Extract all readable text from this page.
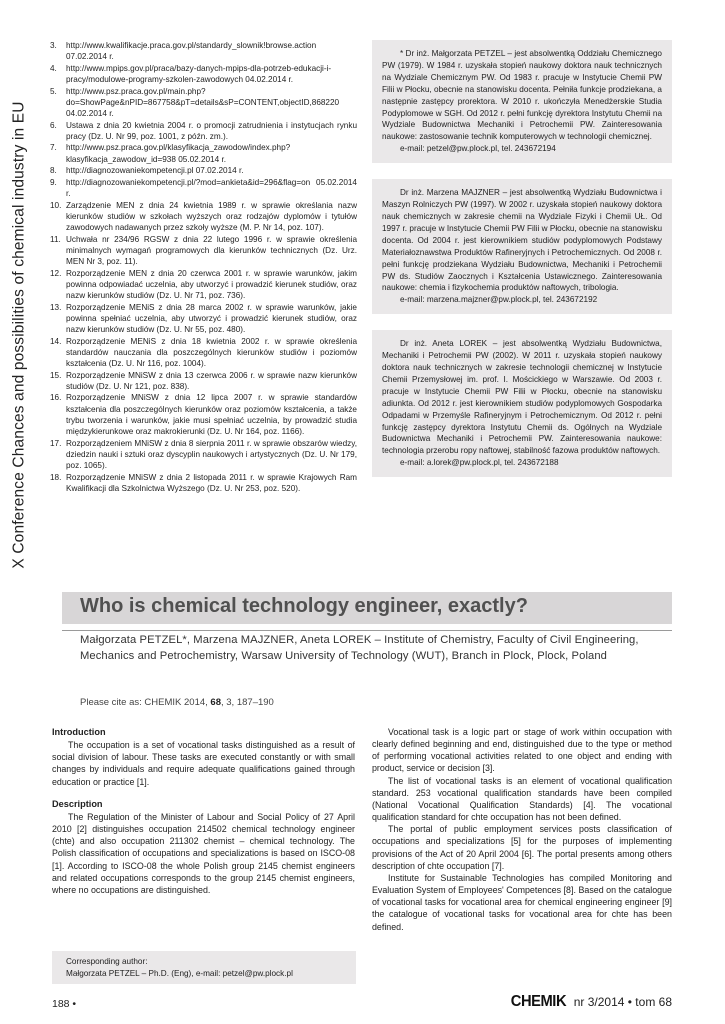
X Conference Chances and possibilities of chemical industry in EU
3.	http://www.kwalifikacje.praca.gov.pl/standardy_slownik!browse.action 07.02.2014 r.
4.	http://www.mpips.gov.pl/praca/bazy-danych-mpips-dla-potrzeb-edukacji-i-pracy/modulowe-programy-szkolen-zawodowych 04.02.2014 r.
5.	http://www.psz.praca.gov.pl/main.php?do=ShowPage&nPID=867758&pT=details&sP=CONTENT,objectID,868220 04.02.2014 r.
6.	Ustawa z dnia 20 kwietnia 2004 r. o promocji zatrudnienia i instytucjach rynku pracy (Dz. U. Nr 99, poz. 1001, z późn. zm.).
7.	http://www.psz.praca.gov.pl/klasyfikacja_zawodow/index.php?klasyfikacja_zawodow_id=938 05.02.2014 r.
8.	http://diagnozowaniekompetencji.pl 07.02.2014 r.
9.	http://diagnozowaniekompetencji.pl/?mod=ankieta&id=296&flag=on 05.02.2014 r.
10. Zarządzenie MEN z dnia 24 kwietnia 1989 r. w sprawie określania nazw kierunków studiów w szkołach wyższych oraz rodzajów dyplomów i tytułów zawodowych nadawanych przez szkoły wyższe (M. P. Nr 14, poz. 107).
11. Uchwała nr 234/96 RGSW z dnia 22 lutego 1996 r. w sprawie określenia minimalnych wymagań programowych dla kierunków technicznych (Dz. Urz. MEN Nr 3, poz. 11).
12. Rozporządzenie MEN z dnia 20 czerwca 2001 r. w sprawie warunków, jakim powinna odpowiadać uczelnia, aby utworzyć i prowadzić kierunek studiów, oraz nazw kierunków studiów (Dz. U. Nr 71, poz. 736).
13. Rozporządzenie MENiS z dnia 28 marca 2002 r. w sprawie warunków, jakie powinna spełniać uczelnia, aby utworzyć i prowadzić kierunek studiów, oraz nazw kierunków studiów (Dz. U. Nr 55, poz. 480).
14. Rozporządzenie MENiS z dnia 18 kwietnia 2002 r. w sprawie określenia standardów nauczania dla poszczególnych kierunków studiów i poziomów kształcenia (Dz. U. Nr 116, poz. 1004).
15. Rozporządzenie MNiSW z dnia 13 czerwca 2006 r. w sprawie nazw kierunków studiów (Dz. U. Nr 121, poz. 838).
16. Rozporządzenie MNiSW z dnia 12 lipca 2007 r. w sprawie standardów kształcenia dla poszczególnych kierunków oraz poziomów kształcenia, a także trybu tworzenia i warunków, jakie musi spełniać uczelnia, by prowadzić studia międzykierunkowe oraz makrokierunki (Dz. U. Nr 164, poz. 1166).
17. Rozporządzeniem MNiSW z dnia 8 sierpnia 2011 r. w sprawie obszarów wiedzy, dziedzin nauki i sztuki oraz dyscyplin naukowych i artystycznych (Dz. U. Nr 179, poz. 1065).
18. Rozporządzenie MNiSW z dnia 2 listopada 2011 r. w sprawie Krajowych Ram Kwalifikacji dla Szkolnictwa Wyższego (Dz. U. Nr 253, poz. 520).

* Dr inż. Małgorzata PETZEL – jest absolwentką Oddziału Chemicznego PW (1979). W 1984 r. uzyskała stopień naukowy doktora nauk technicznych na Wydziale Chemicznym PW. Od 1983 r. pracuje w Instytucie Chemii PW Filii w Płocku, obecnie na stanowisku docenta. Pełniła funkcje prodziekana, a następnie zastępcy prorektora. W 2010 r. ukończyła Menedżerskie Studia Podyplomowe w SGH. Od 2012 r. pełni funkcję dyrektora Instytutu Chemii na Wydziale Budownictwa Mechaniki i Petrochemii PW. Zainteresowania naukowe: zastosowanie technik komputerowych w technologii chemicznej.

e-mail: petzel@pw.plock.pl, tel. 243672194

Dr inż. Marzena MAJZNER – jest absolwentką Wydziału Budownictwa i Maszyn Rolniczych PW (1997). W 2002 r. uzyskała stopień naukowy doktora nauk chemicznych w zakresie chemii na Wydziale Fizyki i Chemii UŁ. Od 1997 r. pracuje w Instytucie Chemii PW Filii w Płocku, obecnie na stanowisku docenta. Od 2004 r. jest kierownikiem studiów podyplomowych Podstawy Materiałoznawstwa Produktów Rafineryjnych i Petrochemicznych. Od 2008 r. pełni funkcję prodziekana Wydziału Budownictwa, Mechaniki i Petrochemii PW ds. Studiów Zaocznych i Kształcenia Ustawicznego. Zainteresowania naukowe: chemia i fizykochemia produktów naftowych, tribologia.

e-mail: marzena.majzner@pw.plock.pl, tel. 243672192

Dr inż. Aneta LOREK – jest absolwentką Wydziału Budownictwa, Mechaniki i Petrochemii PW (2002). W 2011 r. uzyskała stopień naukowy doktora nauk technicznych w zakresie technologii chemicznej w Instytucie Chemii Przemysłowej im. prof. I. Mościckiego w Warszawie. Od 2003 r. pracuje w Instytucie Chemii PW Filii w Płocku, obecnie na stanowisku adiunkta. Od 2012 r. jest kierownikiem studiów podyplomowych Gospodarka Odpadami w Przemyśle Rafineryjnym i Petrochemicznym. Od 2012 r. pełni funkcję zastępcy dyrektora Instytutu Chemii ds. Ogólnych na Wydziale Budownictwa Mechaniki i Petrochemii PW. Zainteresowania naukowe: technologia przerobu ropy naftowej, stabilność fazowa produktów naftowych.

e-mail: a.lorek@pw.plock.pl, tel. 243672188
Who is chemical technology engineer, exactly?
Małgorzata PETZEL*, Marzena MAJZNER, Aneta LOREK – Institute of Chemistry, Faculty of Civil Engineering, Mechanics and Petrochemistry, Warsaw University of Technology (WUT), Branch in Plock, Plock, Poland
Please cite as: CHEMIK 2014, 68, 3, 187–190
Introduction

The occupation is a set of vocational tasks distinguished as a result of social division of labour. These tasks are executed constantly or with small changes by individuals and require adequate qualifications gained through education or practice [1].

Description

The Regulation of the Minister of Labour and Social Policy of 27 April 2010 [2] distinguishes occupation 214502 chemical technology engineer (chte) and also occupation 211302 chemist – chemical technology. The Polish classification of occupations and specializations is based on ISCO-08 [1]. According to ISCO-08 the whole Polish group 2145 chemist engineers and related occupations corresponds to the group 2145 chemist engineers, where no occupations are distinguished.

Vocational task is a logic part or stage of work within occupation with clearly defined beginning and end, distinguished due to the type or method of performing vocational activities related to one object and ending with product, service or decision [3].

The list of vocational tasks is an element of vocational qualification standard. 253 vocational qualification standards have been compiled (National Vocational Qualification Standards) [4]. The vocational qualification standard for chte occupation has not been defined.

The portal of public employment services posts classification of occupations and specializations [5] for the purposes of implementing provisions of the Act of 20 April 2004 [6]. The portal presents among others description of chte occupation [7].

Institute for Sustainable Technologies has compiled Monitoring and Evaluation System of Employees' Competences [8]. Based on the catalogue of vocational tasks for vocational area for chemical engineering engineer [9] the catalogue of vocational tasks for vocational area for chte has been defined.

Corresponding author:
Małgorzata PETZEL – Ph.D. (Eng), e-mail: petzel@pw.plock.pl
188 •	CHEMIK nr 3/2014 • tom 68
